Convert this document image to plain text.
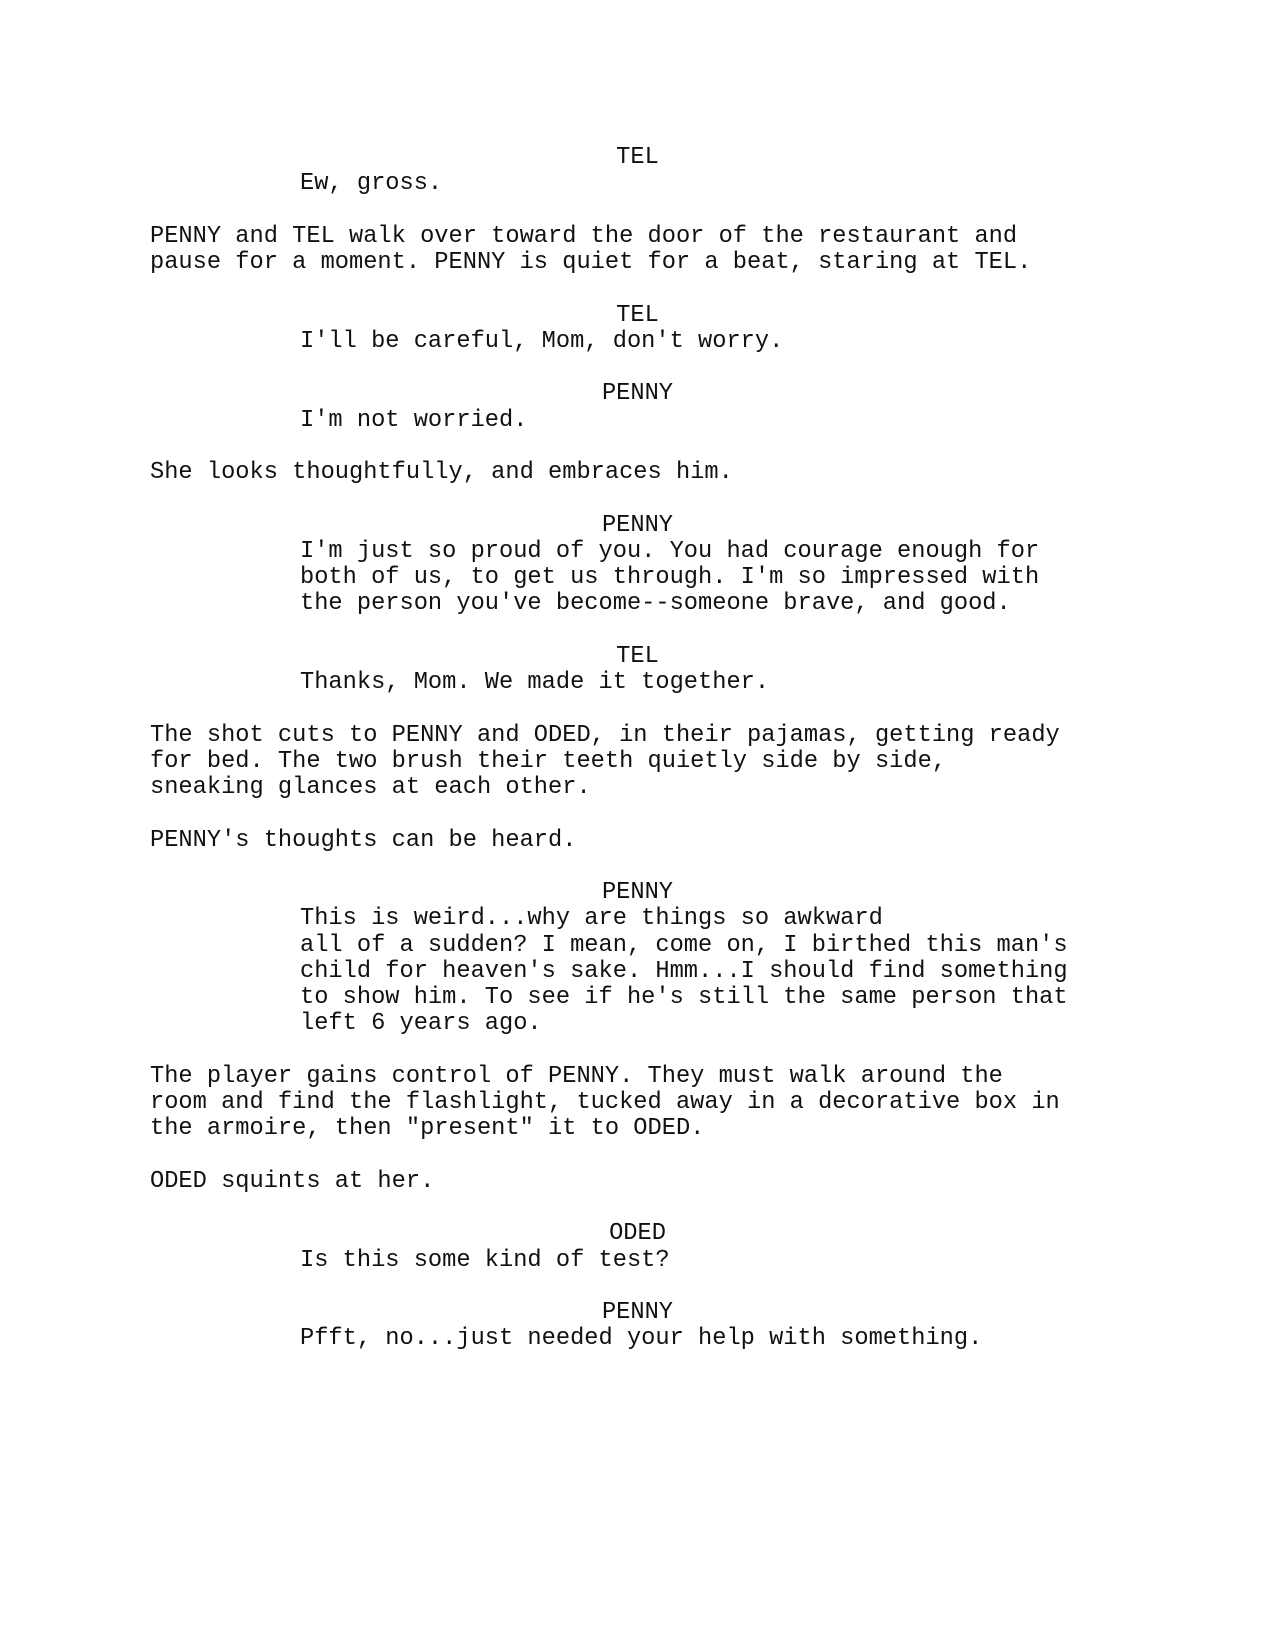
TEL
Ew, gross.
PENNY and TEL walk over toward the door of the restaurant and
pause for a moment. PENNY is quiet for a beat, staring at TEL.
TEL
I'll be careful, Mom, don't worry.
PENNY
I'm not worried.
She looks thoughtfully, and embraces him.
PENNY
I'm just so proud of you. You had courage enough for
both of us, to get us through. I'm so impressed with
the person you've become--someone brave, and good.
TEL
Thanks, Mom. We made it together.
The shot cuts to PENNY and ODED, in their pajamas, getting ready
for bed. The two brush their teeth quietly side by side,
sneaking glances at each other.
PENNY's thoughts can be heard.
PENNY
This is weird...why are things so awkward
all of a sudden? I mean, come on, I birthed this man's
child for heaven's sake. Hmm...I should find something
to show him. To see if he's still the same person that
left 6 years ago.
The player gains control of PENNY. They must walk around the
room and find the flashlight, tucked away in a decorative box in
the armoire, then "present" it to ODED.
ODED squints at her.
ODED
Is this some kind of test?
PENNY
Pfft, no...just needed your help with something.
